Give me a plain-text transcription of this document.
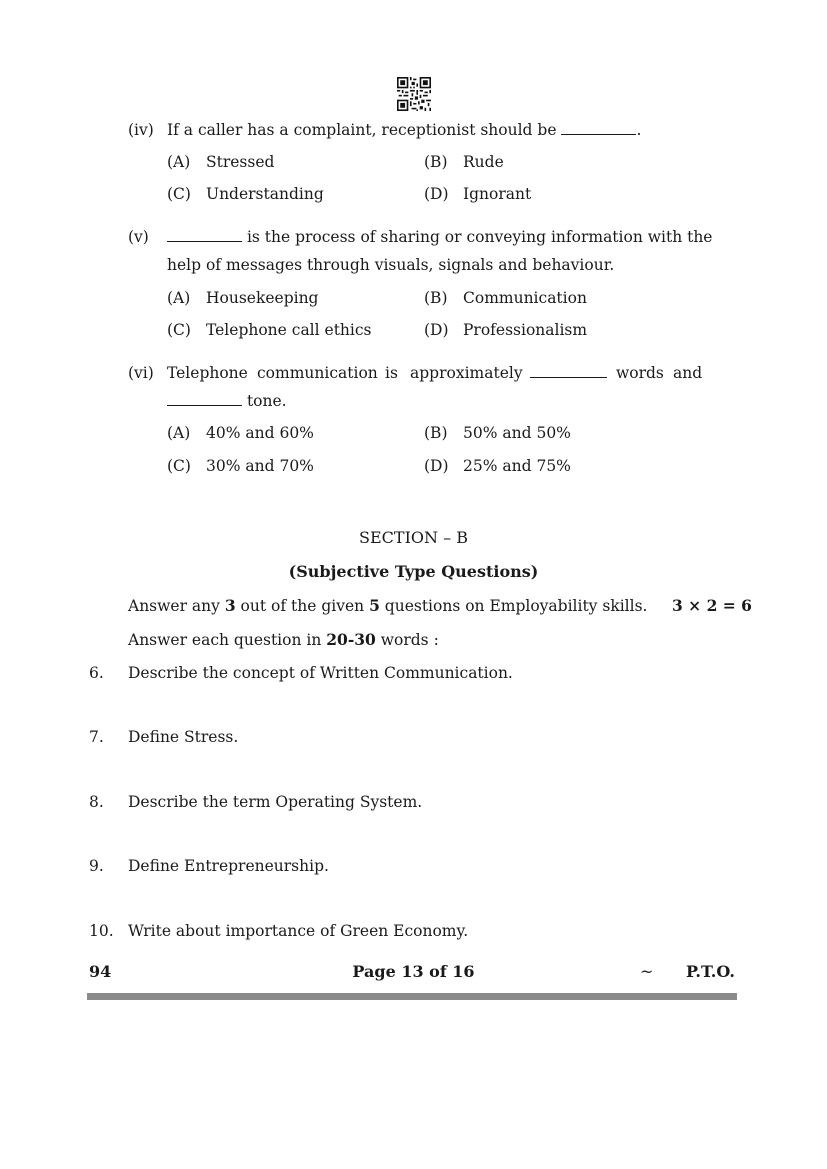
(iv) If a caller has a complaint, receptionist should be	.
(A) Stressed	(B) Rude
(C) Understanding	(D) Ignorant
(v)	is the process of sharing or conveying information with the
help of messages through visuals, signals and behaviour.
(A) Housekeeping	(B) Communication
(C) Telephone call ethics	(D) Professionalism
(vi) Telephone communication is approximately	words and
tone.
(A) 40% and 60%	(B) 50% and 50%
(C) 30% and 70%	(D) 25% and 75%
SECTION – B
(Subjective Type Questions)
Answer any 3 out of the given 5 questions on Employability skills. 3 × 2 = 6
Answer each question in 20-30 words :
6. Describe the concept of Written Communication.
7. Define Stress.
8. Describe the term Operating System.
9. Define Entrepreneurship.
10. Write about importance of Green Economy.
94	Page 13 of 16	~ P.T.O.
